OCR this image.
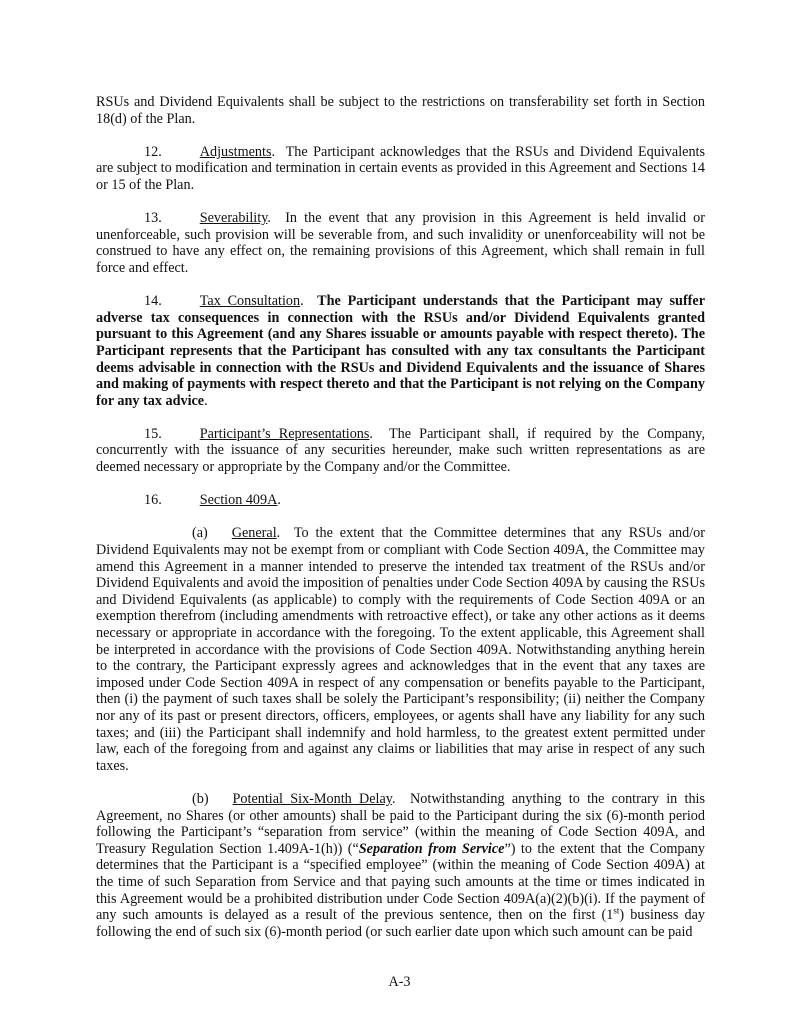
RSUs and Dividend Equivalents shall be subject to the restrictions on transferability set forth in Section 18(d) of the Plan.

12.	Adjustments.  The Participant acknowledges that the RSUs and Dividend Equivalents are subject to modification and termination in certain events as provided in this Agreement and Sections 14 or 15 of the Plan.

13.	Severability.  In the event that any provision in this Agreement is held invalid or unenforceable, such provision will be severable from, and such invalidity or unenforceability will not be construed to have any effect on, the remaining provisions of this Agreement, which shall remain in full force and effect.

14.	Tax Consultation.  The Participant understands that the Participant may suffer adverse tax consequences in connection with the RSUs and/or Dividend Equivalents granted pursuant to this Agreement (and any Shares issuable or amounts payable with respect thereto). The Participant represents that the Participant has consulted with any tax consultants the Participant deems advisable in connection with the RSUs and Dividend Equivalents and the issuance of Shares and making of payments with respect thereto and that the Participant is not relying on the Company for any tax advice.

15.	Participant’s Representations.  The Participant shall, if required by the Company, concurrently with the issuance of any securities hereunder, make such written representations as are deemed necessary or appropriate by the Company and/or the Committee.

16.	Section 409A.

(a) General.  To the extent that the Committee determines that any RSUs and/or Dividend Equivalents may not be exempt from or compliant with Code Section 409A, the Committee may amend this Agreement in a manner intended to preserve the intended tax treatment of the RSUs and/or Dividend Equivalents and avoid the imposition of penalties under Code Section 409A by causing the RSUs and Dividend Equivalents (as applicable) to comply with the requirements of Code Section 409A or an exemption therefrom (including amendments with retroactive effect), or take any other actions as it deems necessary or appropriate in accordance with the foregoing. To the extent applicable, this Agreement shall be interpreted in accordance with the provisions of Code Section 409A. Notwithstanding anything herein to the contrary, the Participant expressly agrees and acknowledges that in the event that any taxes are imposed under Code Section 409A in respect of any compensation or benefits payable to the Participant, then (i) the payment of such taxes shall be solely the Participant’s responsibility; (ii) neither the Company nor any of its past or present directors, officers, employees, or agents shall have any liability for any such taxes; and (iii) the Participant shall indemnify and hold harmless, to the greatest extent permitted under law, each of the foregoing from and against any claims or liabilities that may arise in respect of any such taxes.

(b) Potential Six-Month Delay.  Notwithstanding anything to the contrary in this Agreement, no Shares (or other amounts) shall be paid to the Participant during the six (6)-month period following the Participant’s “separation from service” (within the meaning of Code Section 409A, and Treasury Regulation Section 1.409A-1(h)) (“Separation from Service”) to the extent that the Company determines that the Participant is a “specified employee” (within the meaning of Code Section 409A) at the time of such Separation from Service and that paying such amounts at the time or times indicated in this Agreement would be a prohibited distribution under Code Section 409A(a)(2)(b)(i). If the payment of any such amounts is delayed as a result of the previous sentence, then on the first (1st) business day following the end of such six (6)-month period (or such earlier date upon which such amount can be paid

A-3
